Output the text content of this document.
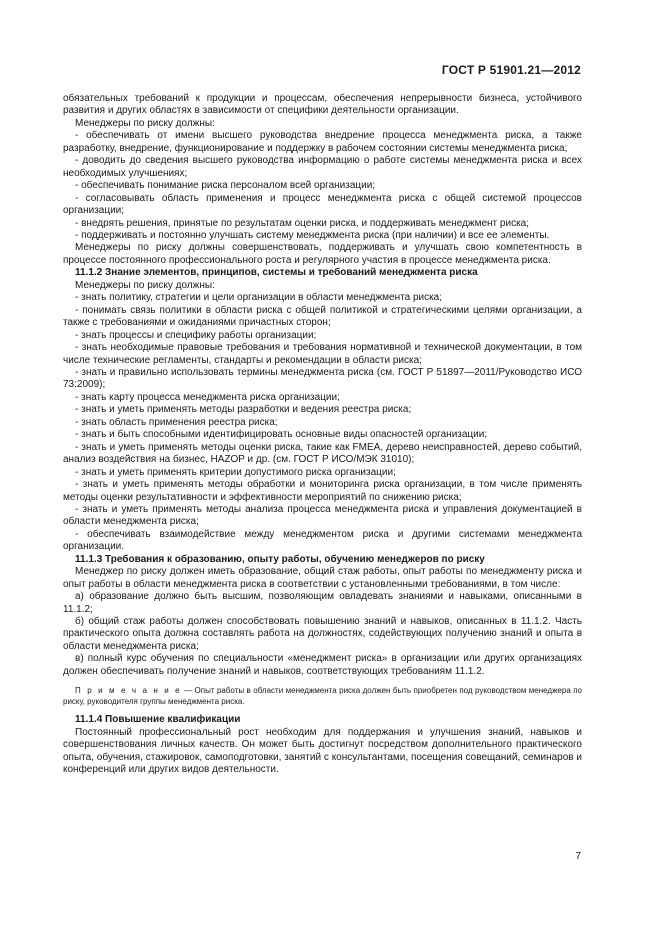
ГОСТ Р 51901.21—2012

обязательных требований к продукции и процессам, обеспечения непрерывности бизнеса, устойчивого развития и других областях в зависимости от специфики деятельности организации.

Менеджеры по риску должны:

- обеспечивать от имени высшего руководства внедрение процесса менеджмента риска, а также разработку, внедрение, функционирование и поддержку в рабочем состоянии системы менеджмента риска;

- доводить до сведения высшего руководства информацию о работе системы менеджмента риска и всех необходимых улучшениях;

- обеспечивать понимание риска персоналом всей организации;

- согласовывать область применения и процесс менеджмента риска с общей системой процессов организации;

- внедрять решения, принятые по результатам оценки риска, и поддерживать менеджмент риска;

- поддерживать и постоянно улучшать систему менеджмента риска (при наличии) и все ее элементы.

Менеджеры по риску должны совершенствовать, поддерживать и улучшать свою компетентность в процессе постоянного профессионального роста и регулярного участия в процессе менеджмента риска.

11.1.2 Знание элементов, принципов, системы и требований менеджмента риска

Менеджеры по риску должны:

- знать политику, стратегии и цели организации в области менеджмента риска;

- понимать связь политики в области риска с общей политикой и стратегическими целями организации, а также с требованиями и ожиданиями причастных сторон;

- знать процессы и специфику работы организации;

- знать необходимые правовые требования и требования нормативной и технической документации, в том числе технические регламенты, стандарты и рекомендации в области риска;

- знать и правильно использовать термины менеджмента риска (см. ГОСТ Р 51897—2011/Руководство ИСО 73:2009);

- знать карту процесса менеджмента риска организации;

- знать и уметь применять методы разработки и ведения реестра риска;

- знать область применения реестра риска;

- знать и быть способными идентифицировать основные виды опасностей организации;

- знать и уметь применять методы оценки риска, такие как FMEA, дерево неисправностей, дерево событий, анализ воздействия на бизнес, HAZOP и др. (см. ГОСТ Р ИСО/МЭК 31010);

- знать и уметь применять критерии допустимого риска организации;

- знать и уметь применять методы обработки и мониторинга риска организации, в том числе применять методы оценки результативности и эффективности мероприятий по снижению риска;

- знать и уметь применять методы анализа процесса менеджмента риска и управления документацией в области менеджмента риска;

- обеспечивать взаимодействие между менеджментом риска и другими системами менеджмента организации.

11.1.3 Требования к образованию, опыту работы, обучению менеджеров по риску

Менеджер по риску должен иметь образование, общий стаж работы, опыт работы по менеджменту риска и опыт работы в области менеджмента риска в соответствии с установленными требованиями, в том числе:

а) образование должно быть высшим, позволяющим овладевать знаниями и навыками, описанными в 11.1.2;

б) общий стаж работы должен способствовать повышению знаний и навыков, описанных в 11.1.2. Часть практического опыта должна составлять работа на должностях, содействующих получению знаний и опыта в области менеджмента риска;

в) полный курс обучения по специальности «менеджмент риска» в организации или других организациях должен обеспечивать получение знаний и навыков, соответствующих требованиям 11.1.2.

П р и м е ч а н и е — Опыт работы в области менеджмента риска должен быть приобретен под руководством менеджера по риску, руководителя группы менеджмента риска.

11.1.4 Повышение квалификации

Постоянный профессиональный рост необходим для поддержания и улучшения знаний, навыков и совершенствования личных качеств. Он может быть достигнут посредством дополнительного практического опыта, обучения, стажировок, самоподготовки, занятий с консультантами, посещения совещаний, семинаров и конференций или других видов деятельности.

7
